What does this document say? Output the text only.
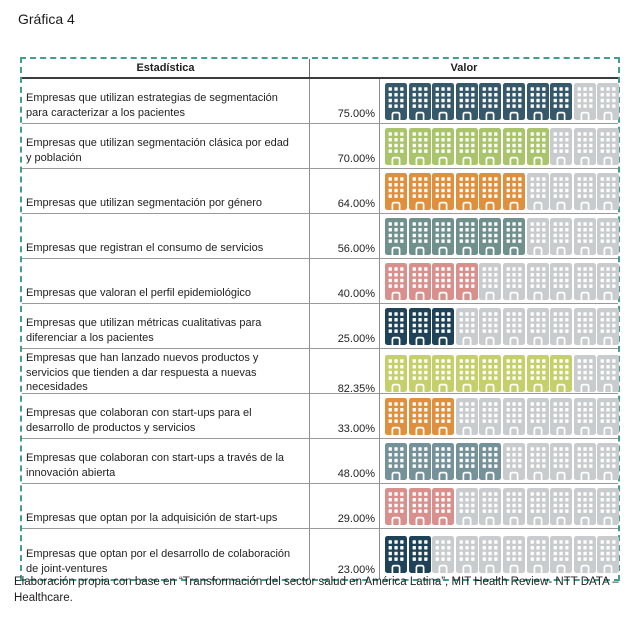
Gráfica 4
Estadística	Valor
Empresas que utilizan estrategias de segmentación para caracterizar a los pacientes	75.00%
Empresas que utilizan segmentación clásica por edad y población	70.00%
Empresas que utilizan segmentación por género	64.00%
Empresas que registran el consumo de servicios	56.00%
Empresas que valoran el perfil epidemiológico	40.00%
Empresas que utilizan métricas cualitativas para diferenciar a los pacientes	25.00%
Empresas que han lanzado nuevos productos y servicios que tienden a dar respuesta a nuevas necesidades	82.35%
Empresas que colaboran con start-ups para el desarrollo de productos y servicios	33.00%
Empresas que colaboran con start-ups a través de la innovación abierta	48.00%
Empresas que optan por la adquisición de start-ups	29.00%
Empresas que optan por el desarrollo de colaboración de joint-ventures	23.00%
Elaboración propia con base en “Transformación del sector salud en América Latina”, MIT Health Review- NTT DATA – Healthcare.
